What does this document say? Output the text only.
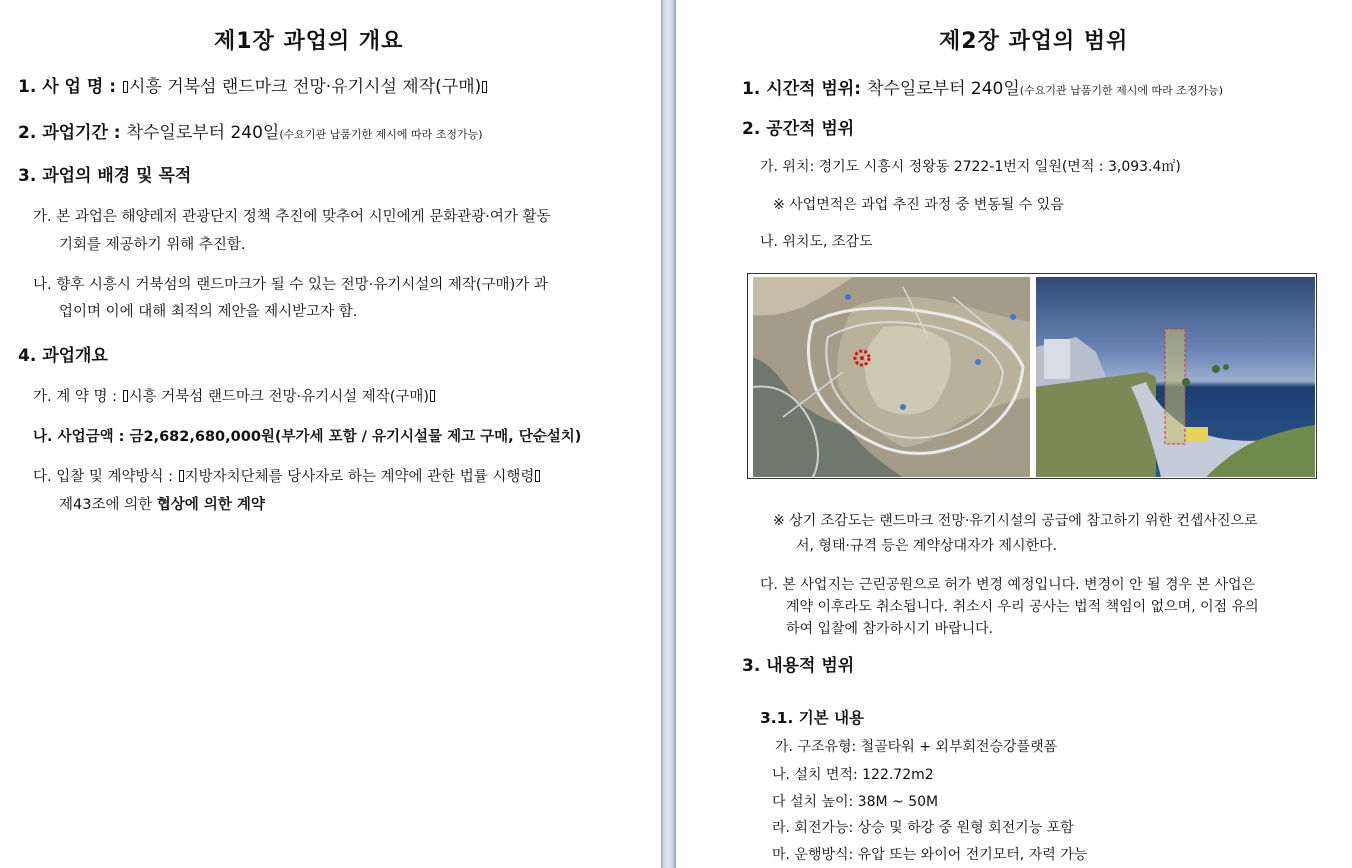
제1장 과업의 개요
1. 사 업 명 : 시흥 거북섬 랜드마크 전망·유기시설 제작(구매)
2. 과업기간 : 착수일로부터 240일(수요기관 납품기한 제시에 따라 조정가능)
3. 과업의 배경 및 목적
가. 본 과업은 해양레저 관광단지 정책 추진에 맞추어 시민에게 문화관광·여가 활동
기회를 제공하기 위해 추진함.
나. 향후 시흥시 거북섬의 랜드마크가 될 수 있는 전망·유기시설의 제작(구매)가 과
업이며 이에 대해 최적의 제안을 제시받고자 함.
4. 과업개요
가. 계 약 명 : 시흥 거북섬 랜드마크 전망·유기시설 제작(구매)
나. 사업금액 : 금2,682,680,000원(부가세 포함 / 유기시설물 제고 구매, 단순설치)
다. 입찰 및 계약방식 : 지방자치단체를 당사자로 하는 계약에 관한 법률 시행령
제43조에 의한 협상에 의한 계약
제2장 과업의 범위
1. 시간적 범위: 착수일로부터 240일(수요기관 납품기한 제시에 따라 조정가능)
2. 공간적 범위
가. 위치: 경기도 시흥시 정왕동 2722-1번지 일원(면적 : 3,093.4㎡)
※ 사업면적은 과업 추진 과정 중 변동될 수 있음
나. 위치도, 조감도
※ 상기 조감도는 랜드마크 전망·유기시설의 공급에 참고하기 위한 컨셉사진으로
서, 형태·규격 등은 계약상대자가 제시한다.
다. 본 사업지는 근린공원으로 허가 변경 예정입니다. 변경이 안 될 경우 본 사업은
계약 이후라도 취소됩니다. 취소시 우리 공사는 법적 책임이 없으며, 이점 유의
하여 입찰에 참가하시기 바랍니다.
3. 내용적 범위
3.1. 기본 내용
가. 구조유형: 철골타워 + 외부회전승강플랫폼
나. 설치 면적: 122.72m2
다 설치 높이: 38M ~ 50M
라. 회전가능: 상승 및 하강 중 원형 회전기능 포함
마. 운행방식: 유압 또는 와이어 전기모터, 자력 가능
